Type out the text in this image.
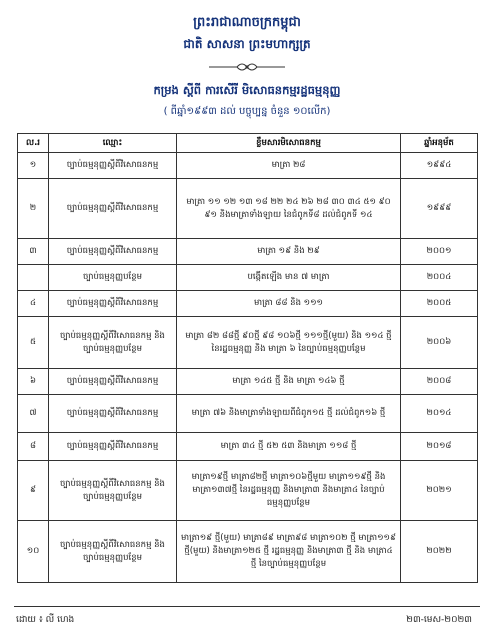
ព្រះរាជាណាចក្រកម្ពុជា
ជាតិ សាសនា ព្រះមហាក្សត្រ
កម្រង ស្ដីពី ការសើរី មិសោធនកម្មរដ្ឋធម្មនុញ្ញ
( ពីឆ្នាំ១៩៩៣ ដល់ បច្ចុប្បន្ន ចំនួន ១០លើក)
ល.រ	ឈ្មោះ	ខ្លឹមសារមិសោធនកម្ម	ឆ្នាំអនុម័ត
១	ច្បាប់ធម្មនុញ្ញស្ដីពីវិសោធនកម្ម	មាត្រា ២៨	១៩៩៤
២	ច្បាប់ធម្មនុញ្ញស្ដីពីវិសោធនកម្ម	មាត្រា ១១ ១២ ១៣ ១៨ ២២ ២៤ ២៦ ២៨ ៣០ ៣៤ ៥១ ៩០ ៩១ និងមាត្រាទាំងឡាយ នៃជំពូកទី៨ ដល់ជំពូកទី ១៤	១៩៩៩
៣	ច្បាប់ធម្មនុញ្ញស្ដីពីវិសោធនកម្ម	មាត្រា ១៩ និង ២៩	២០០១
	ច្បាប់ធម្មនុញ្ញបន្ថែម	បង្កើតឡើង មាន ៧ មាត្រា	២០០៤
៤	ច្បាប់ធម្មនុញ្ញស្ដីពីវិសោធនកម្ម	មាត្រា ៨៨ និង ១១១	២០០៥
៥	ច្បាប់ធម្មនុញ្ញស្ដីពីវិសោធនកម្ម និង ច្បាប់ធម្មនុញ្ញបន្ថែម	មាត្រា ៨២ ៨៨ថ្មី ៩០ថ្មី ៩៨ ១០៦ថ្មី ១១១ថ្មី(មួយ) និង ១១៤ ថ្មី នៃរដ្ឋធម្មនុញ្ញ និង មាត្រា ៦ នៃច្បាប់ធម្មនុញ្ញបន្ថែម	២០០៦
៦	ច្បាប់ធម្មនុញ្ញស្ដីពីវិសោធនកម្ម	មាត្រា ១៤៥ ថ្មី និង មាត្រា ១៤៦ ថ្មី	២០០៨
៧	ច្បាប់ធម្មនុញ្ញស្ដីពីវិសោធនកម្ម	មាត្រា ៧៦ និងមាត្រាទាំងឡាយពីជំពូក១៥ ថ្មី ដល់ជំពូក១៦ ថ្មី	២០១៤
៨	ច្បាប់ធម្មនុញ្ញស្ដីពីវិសោធនកម្ម	មាត្រា ៣៤ ថ្មី ៥២ ៥៣ និងមាត្រា ១១៨ ថ្មី	២០១៨
៩	ច្បាប់ធម្មនុញ្ញស្ដីពីវិសោធនកម្ម និង ច្បាប់ធម្មនុញ្ញបន្ថែម	មាត្រា១៩ថ្មី មាត្រា៨២ថ្មី មាត្រា១០៦ថ្មីមួយ មាត្រា១១៩ថ្មី និងមាត្រា១៣៧ថ្មី នៃរដ្ឋធម្មនុញ្ញ និងមាត្រា៣ និងមាត្រា៤ នៃច្បាប់ធម្មនុញ្ញបន្ថែម	២០២១
១០	ច្បាប់ធម្មនុញ្ញស្ដីពីវិសោធនកម្ម និង ច្បាប់ធម្មនុញ្ញបន្ថែម	មាត្រា១៩ ថ្មី(មួយ) មាត្រា៨៩ មាត្រា៩៨ មាត្រា១០២ ថ្មី មាត្រា១១៩ ថ្មី(មួយ) និងមាត្រា១២៥ ថ្មី រដ្ឋធម្មនុញ្ញ និងមាត្រា៣ ថ្មី និង មាត្រា៤ ថ្មី នៃច្បាប់ធម្មនុញ្ញបន្ថែម	២០២២
ដោយ ៖ លី ហេង	២៣-មេស-២០២៣
